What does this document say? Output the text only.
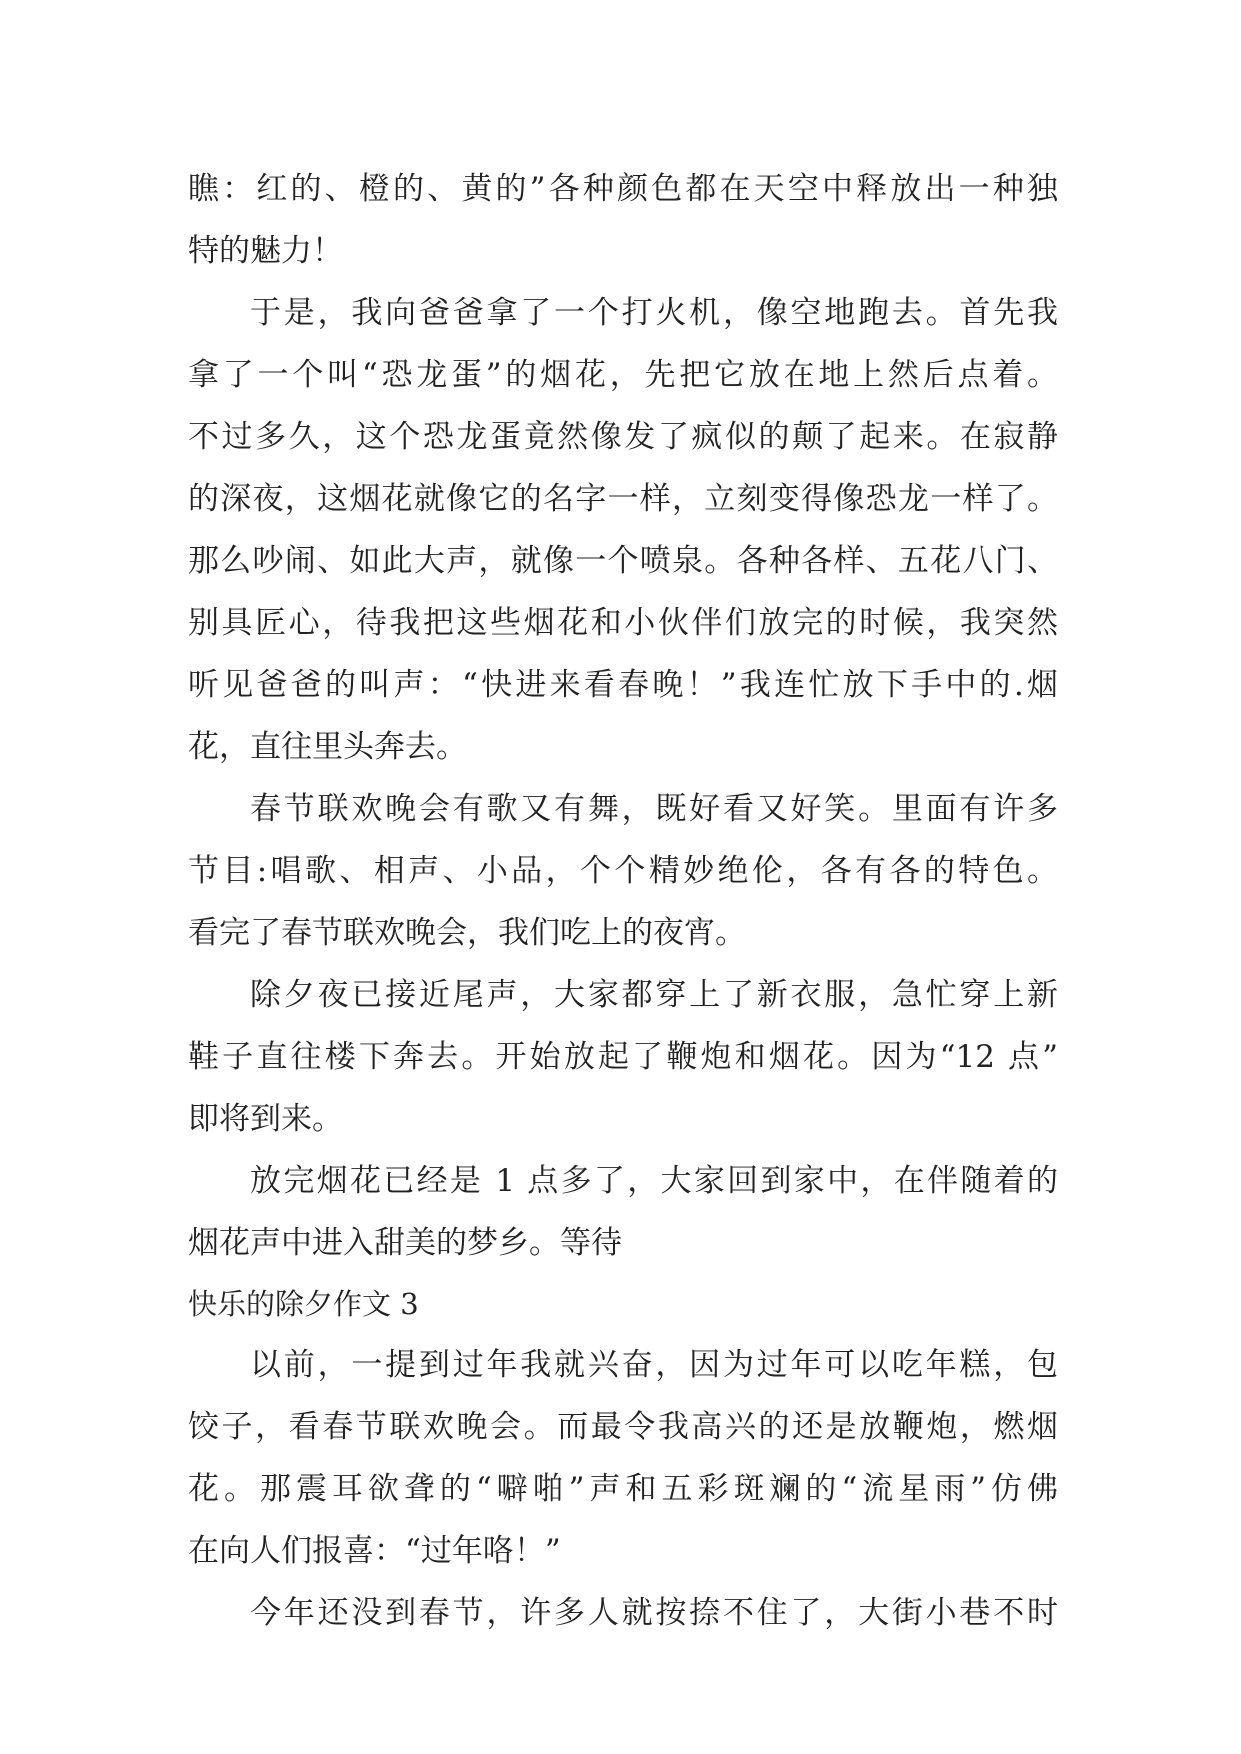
瞧：红的、橙的、黄的”各种颜色都在天空中释放出一种独
特的魅力！
于是，我向爸爸拿了一个打火机，像空地跑去。首先我
拿了一个叫“恐龙蛋”的烟花，先把它放在地上然后点着。
不过多久，这个恐龙蛋竟然像发了疯似的颠了起来。在寂静
的深夜，这烟花就像它的名字一样，立刻变得像恐龙一样了。
那么吵闹、如此大声，就像一个喷泉。各种各样、五花八门、
别具匠心，待我把这些烟花和小伙伴们放完的时候，我突然
听见爸爸的叫声：“快进来看春晚！”我连忙放下手中的.烟
花，直往里头奔去。
春节联欢晚会有歌又有舞，既好看又好笑。里面有许多
节目:唱歌、相声、小品，个个精妙绝伦，各有各的特色。
看完了春节联欢晚会，我们吃上的夜宵。
除夕夜已接近尾声，大家都穿上了新衣服，急忙穿上新
鞋子直往楼下奔去。开始放起了鞭炮和烟花。因为“12 点”
即将到来。
放完烟花已经是 1 点多了，大家回到家中，在伴随着的
烟花声中进入甜美的梦乡。等待
快乐的除夕作文 3
以前，一提到过年我就兴奋，因为过年可以吃年糕，包
饺子，看春节联欢晚会。而最令我高兴的还是放鞭炮，燃烟
花。那震耳欲聋的“噼啪”声和五彩斑斓的“流星雨”仿佛
在向人们报喜：“过年咯！”
今年还没到春节，许多人就按捺不住了，大街小巷不时
